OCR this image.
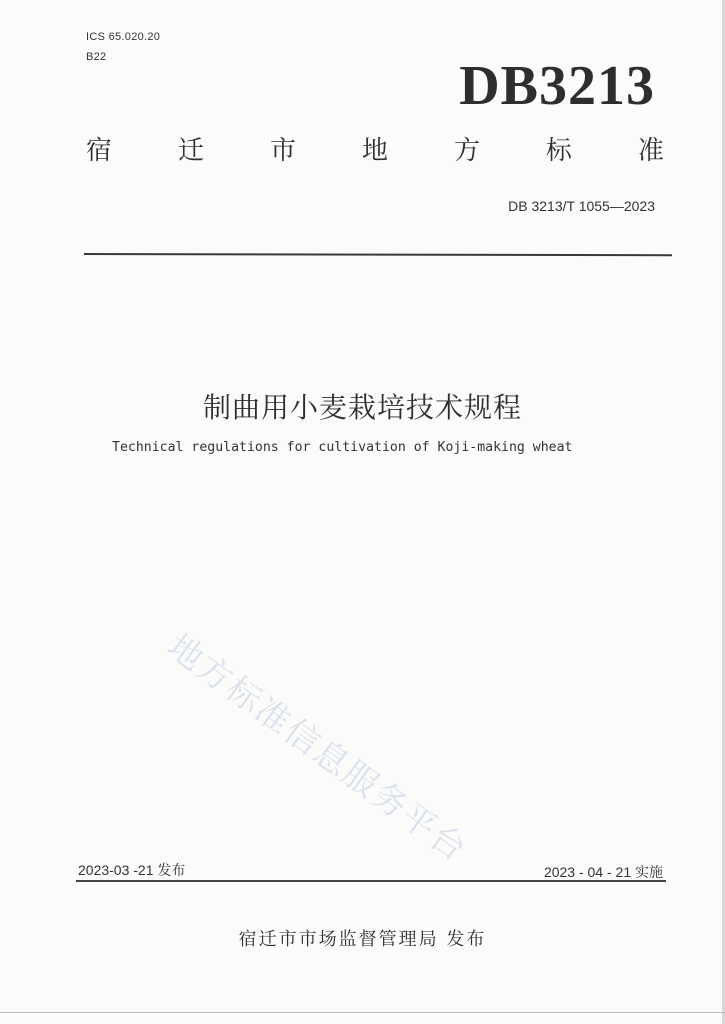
ICS 65.020.20
B22	DB3213
宿	迁	市	地	方	标	准
DB 3213/T 1055—2023
制曲用小麦栽培技术规程
Technical regulations for cultivation of Koji-making wheat
地方标准信息服务平台
2023-03 -21 发布	2023 - 04 - 21 实施
宿迁市市场监督管理局 发布
